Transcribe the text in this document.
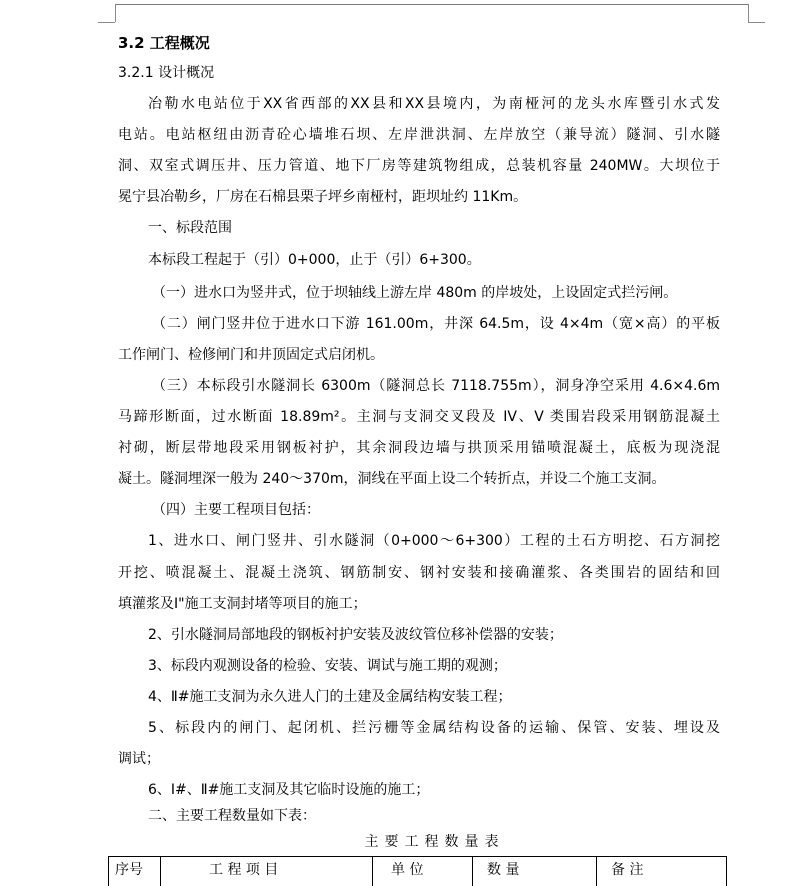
3.2 工程概况
3.2.1 设计概况
冶勒水电站位于XX省西部的XX县和XX县境内，为南桠河的龙头水库暨引水式发
电站。电站枢纽由沥青砼心墙堆石坝、左岸泄洪洞、左岸放空（兼导流）隧洞、引水隧
洞、双室式调压井、压力管道、地下厂房等建筑物组成，总装机容量 240MW。大坝位于
冕宁县冶勒乡，厂房在石棉县栗子坪乡南桠村，距坝址约 11Km。
一、标段范围
本标段工程起于（引）0+000，止于（引）6+300。
（一）进水口为竖井式，位于坝轴线上游左岸 480m 的岸坡处，上设固定式拦污闸。
（二）闸门竖井位于进水口下游 161.00m，井深 64.5m，设 4×4m（宽×高）的平板
工作闸门、检修闸门和井顶固定式启闭机。
（三）本标段引水隧洞长 6300m（隧洞总长 7118.755m），洞身净空采用 4.6×4.6m
马蹄形断面，过水断面 18.89m²。主洞与支洞交叉段及 IV、V 类围岩段采用钢筋混凝土
衬砌，断层带地段采用钢板衬护，其余洞段边墙与拱顶采用锚喷混凝土，底板为现浇混
凝土。隧洞埋深一般为 240～370m，洞线在平面上设二个转折点，并设二个施工支洞。
（四）主要工程项目包括：
1、进水口、闸门竖井、引水隧洞（0+000～6+300）工程的土石方明挖、石方洞挖
开挖、喷混凝土、混凝土浇筑、钢筋制安、钢衬安装和接确灌浆、各类围岩的固结和回
填灌浆及Ⅰ"施工支洞封堵等项目的施工；
2、引水隧洞局部地段的钢板衬护安装及波纹管位移补偿器的安装；
3、标段内观测设备的检验、安装、调试与施工期的观测；
4、Ⅱ#施工支洞为永久进人门的土建及金属结构安装工程；
5、标段内的闸门、起闭机、拦污栅等金属结构设备的运输、保管、安装、埋设及
调试；
6、Ⅰ#、Ⅱ#施工支洞及其它临时设施的施工；
二、主要工程数量如下表：
主要工程数量表
序号	工 程 项 目	单 位	数 量	备 注
